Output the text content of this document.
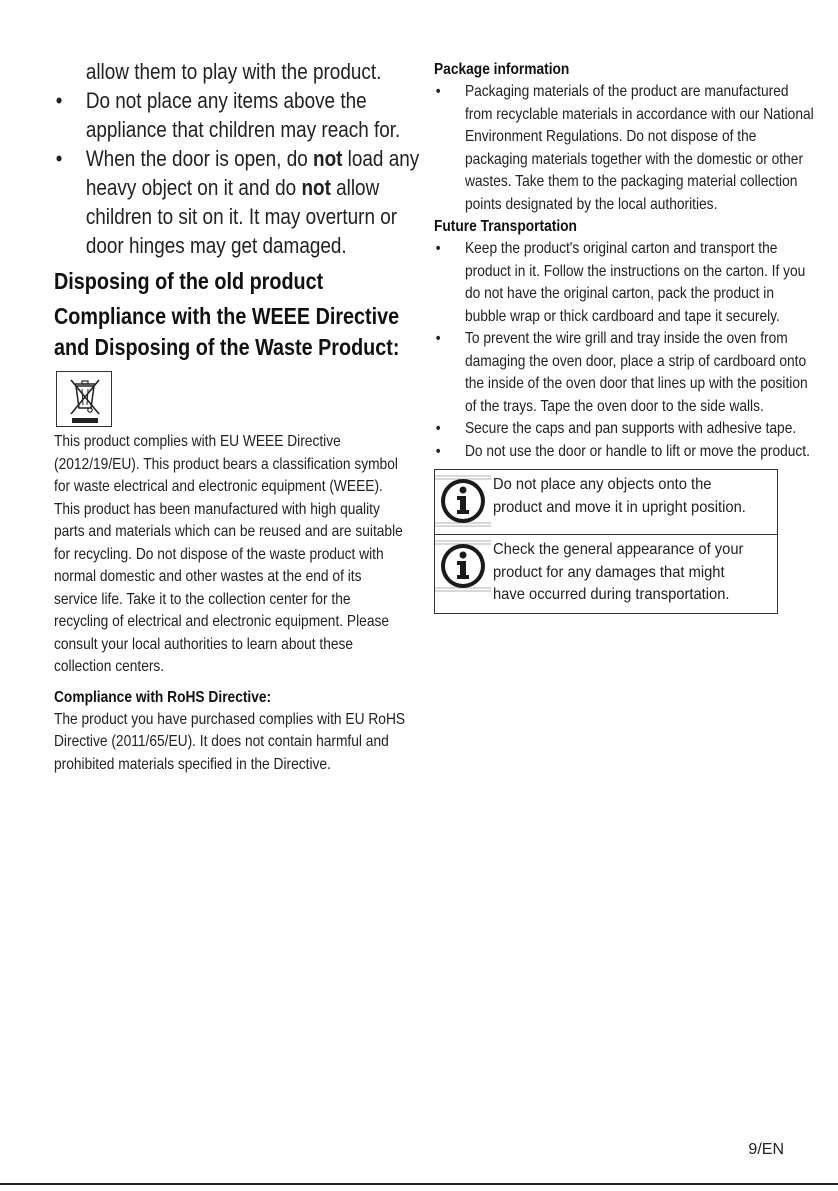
allow them to play with the product.
• Do not place any items above the appliance that children may reach for.
• When the door is open, do not load any heavy object on it and do not allow children to sit on it. It may overturn or door hinges may get damaged.
Disposing of the old product
Compliance with the WEEE Directive and Disposing of the Waste Product:

This product complies with EU WEEE Directive (2012/19/EU). This product bears a classification symbol for waste electrical and electronic equipment (WEEE).

This product has been manufactured with high quality parts and materials which can be reused and are suitable for recycling. Do not dispose of the waste product with normal domestic and other wastes at the end of its service life. Take it to the collection center for the recycling of electrical and electronic equipment. Please consult your local authorities to learn about these collection centers.

Compliance with RoHS Directive:

The product you have purchased complies with EU RoHS Directive (2011/65/EU). It does not contain harmful and prohibited materials specified in the Directive.

Package information

• Packaging materials of the product are manufactured from recyclable materials in accordance with our National Environment Regulations. Do not dispose of the packaging materials together with the domestic or other wastes. Take them to the packaging material collection points designated by the local authorities.

Future Transportation

• Keep the product's original carton and transport the product in it. Follow the instructions on the carton. If you do not have the original carton, pack the product in bubble wrap or thick cardboard and tape it securely.
• To prevent the wire grill and tray inside the oven from damaging the oven door, place a strip of cardboard onto the inside of the oven door that lines up with the position of the trays. Tape the oven door to the side walls.
• Secure the caps and pan supports with adhesive tape.
• Do not use the door or handle to lift or move the product.
Do not place any objects onto the product and move it in upright position.
Check the general appearance of your product for any damages that might have occurred during transportation.
9/EN
